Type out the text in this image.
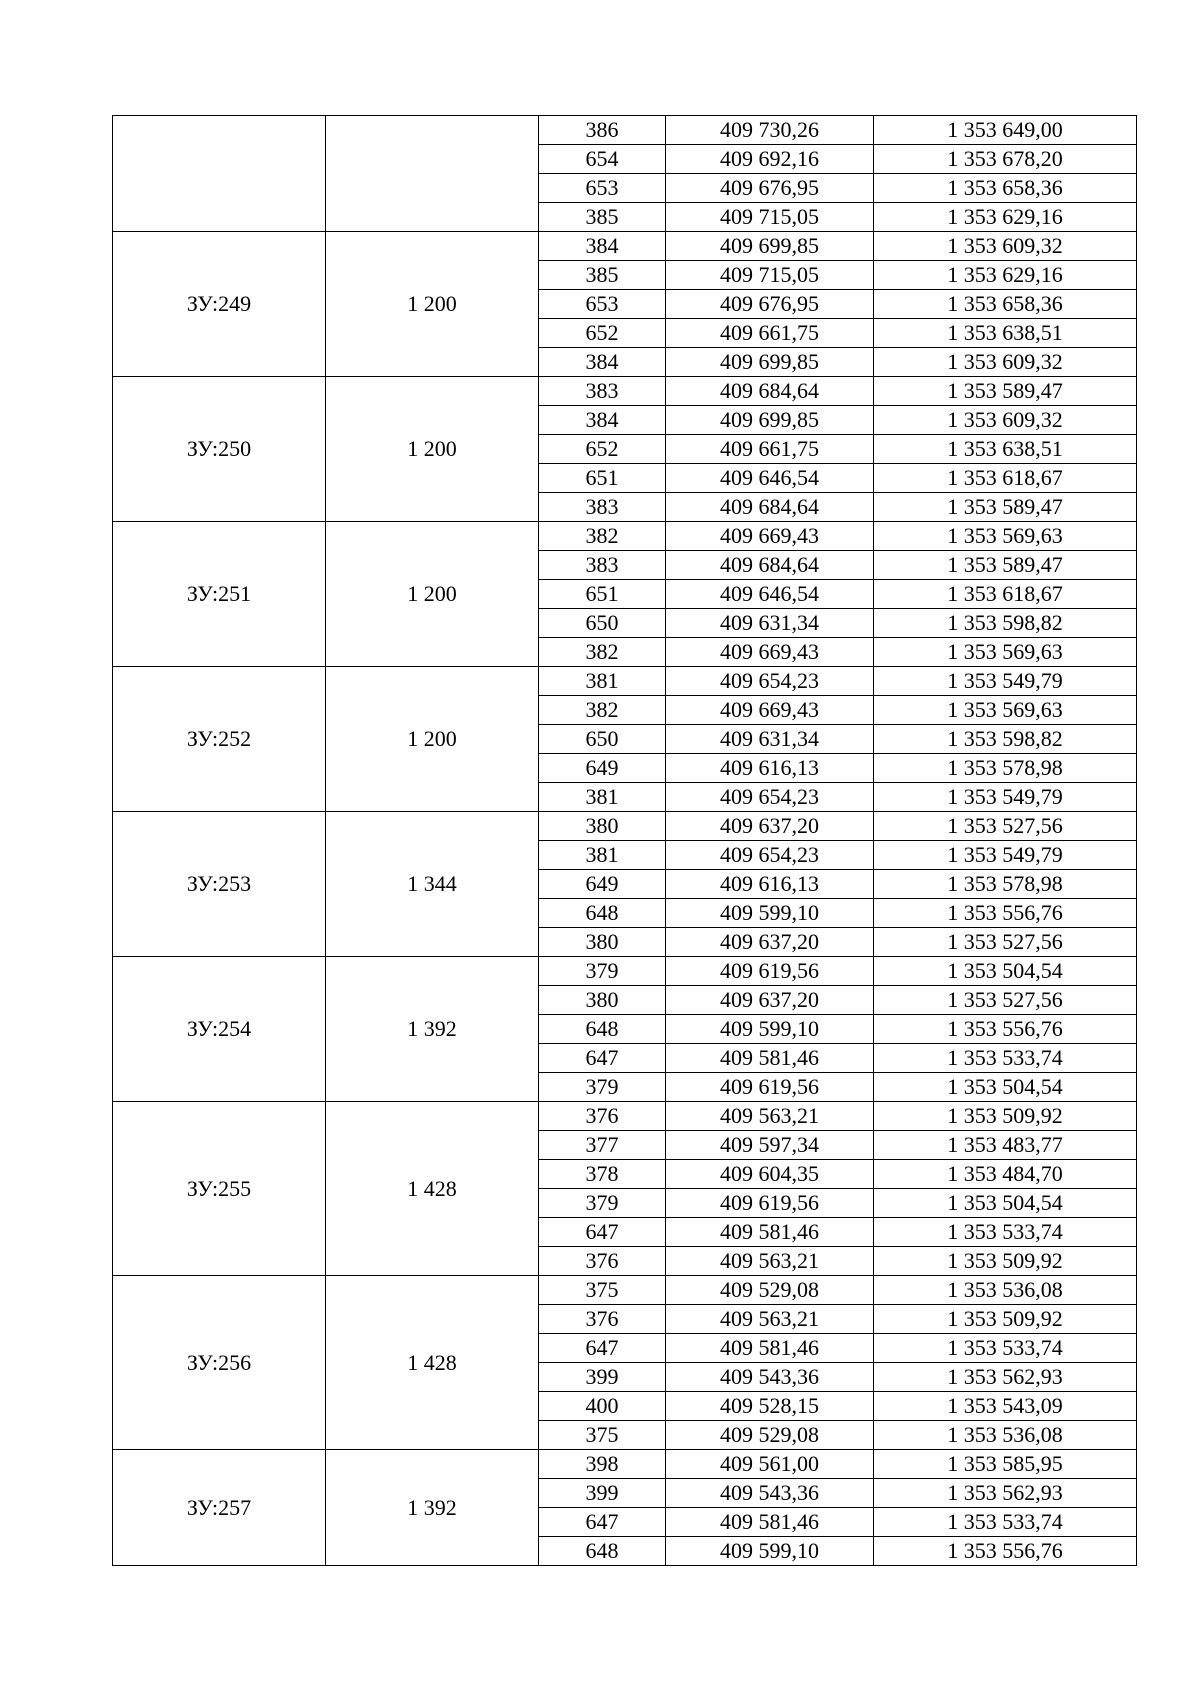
		386	409 730,26	1 353 649,00
		654	409 692,16	1 353 678,20
		653	409 676,95	1 353 658,36
		385	409 715,05	1 353 629,16
ЗУ:249	1 200	384	409 699,85	1 353 609,32
		385	409 715,05	1 353 629,16
		653	409 676,95	1 353 658,36
		652	409 661,75	1 353 638,51
		384	409 699,85	1 353 609,32
ЗУ:250	1 200	383	409 684,64	1 353 589,47
		384	409 699,85	1 353 609,32
		652	409 661,75	1 353 638,51
		651	409 646,54	1 353 618,67
		383	409 684,64	1 353 589,47
ЗУ:251	1 200	382	409 669,43	1 353 569,63
		383	409 684,64	1 353 589,47
		651	409 646,54	1 353 618,67
		650	409 631,34	1 353 598,82
		382	409 669,43	1 353 569,63
ЗУ:252	1 200	381	409 654,23	1 353 549,79
		382	409 669,43	1 353 569,63
		650	409 631,34	1 353 598,82
		649	409 616,13	1 353 578,98
		381	409 654,23	1 353 549,79
ЗУ:253	1 344	380	409 637,20	1 353 527,56
		381	409 654,23	1 353 549,79
		649	409 616,13	1 353 578,98
		648	409 599,10	1 353 556,76
		380	409 637,20	1 353 527,56
ЗУ:254	1 392	379	409 619,56	1 353 504,54
		380	409 637,20	1 353 527,56
		648	409 599,10	1 353 556,76
		647	409 581,46	1 353 533,74
		379	409 619,56	1 353 504,54
ЗУ:255	1 428	376	409 563,21	1 353 509,92
		377	409 597,34	1 353 483,77
		378	409 604,35	1 353 484,70
		379	409 619,56	1 353 504,54
		647	409 581,46	1 353 533,74
		376	409 563,21	1 353 509,92
ЗУ:256	1 428	375	409 529,08	1 353 536,08
		376	409 563,21	1 353 509,92
		647	409 581,46	1 353 533,74
		399	409 543,36	1 353 562,93
		400	409 528,15	1 353 543,09
		375	409 529,08	1 353 536,08
ЗУ:257	1 392	398	409 561,00	1 353 585,95
		399	409 543,36	1 353 562,93
		647	409 581,46	1 353 533,74
		648	409 599,10	1 353 556,76
